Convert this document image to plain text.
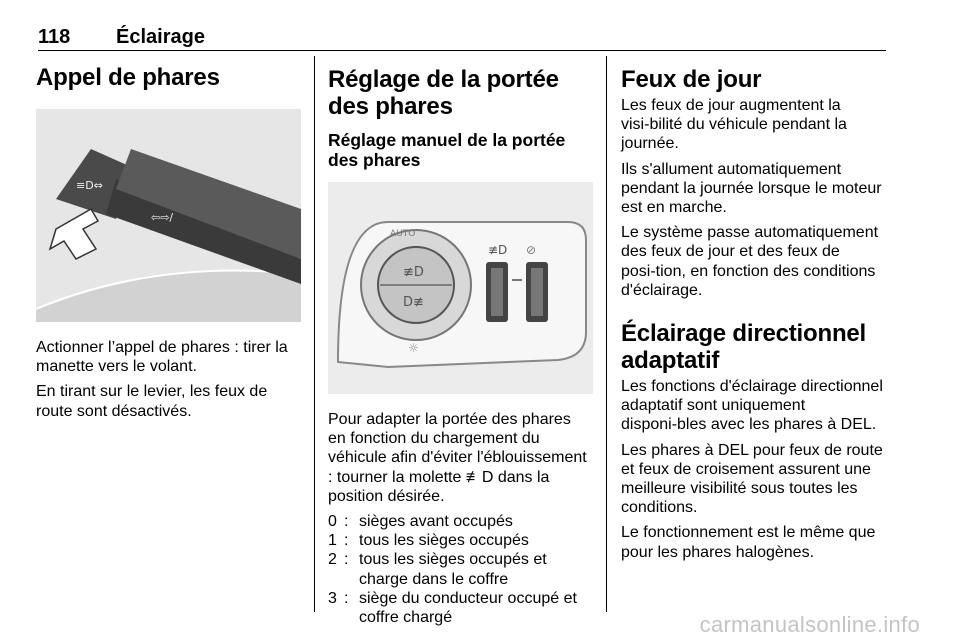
118 Éclairage
Appel de phares
≡D⇔
⇦⇨/

Actionner l’appel de phares : tirer la manette vers le volant.

En tirant sur le levier, les feux de route sont désactivés.

Réglage de la portée des phares
Réglage manuel de la portée des phares
≢D
D≢
AUTO
≢D ⊘
☼

Pour adapter la portée des phares en fonction du chargement du véhicule afin d'éviter l'éblouissement : tourner la molette ≢D dans la position désirée.

0 : sièges avant occupés
1 : tous les sièges occupés
2 : tous les sièges occupés et charge dans le coffre
3 : siège du conducteur occupé et coffre chargé
Feux de jour

Les feux de jour augmentent la visi‑bilité du véhicule pendant la journée.

Ils s'allument automatiquement pendant la journée lorsque le moteur est en marche.

Le système passe automatiquement des feux de jour et des feux de posi‑tion, en fonction des conditions d'éclairage.

Éclairage directionnel adaptatif

Les fonctions d'éclairage directionnel adaptatif sont uniquement disponi‑bles avec les phares à DEL.

Les phares à DEL pour feux de route et feux de croisement assurent une meilleure visibilité sous toutes les conditions.

Le fonctionnement est le même que pour les phares halogènes.

carmanualsonline.info
